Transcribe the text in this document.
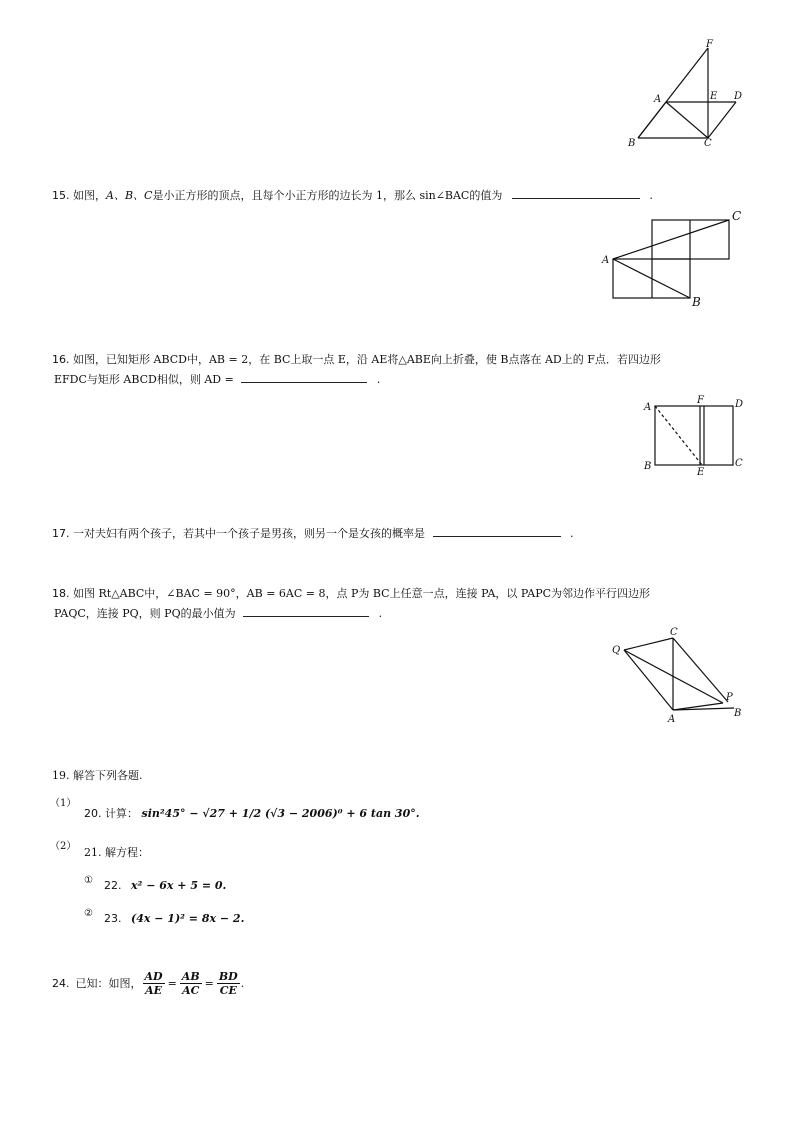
F
A	E D
B	C
15. 如图，A、B、C是小正方形的顶点，且每个小正方形的边长为 1，那么 sin∠BAC的值为	.
A
C
B
16. 如图，已知矩形 ABCD中，AB = 2，在 BC上取一点 E，沿 AE将△ABE向上折叠，使 B点落在 AD上的 F点．若四边形
EFDC与矩形 ABCD相似，则 AD =	.
A
F	D
B
E
C
17. 一对夫妇有两个孩子，若其中一个孩子是男孩，则另一个是女孩的概率是	.
18. 如图 Rt△ABC中，∠BAC = 90°，AB = 6AC = 8，点 P为 BC上任意一点，连接 PA，以 PAPC为邻边作平行四边形
PAQC，连接 PQ，则 PQ的最小值为	.
Q
C
P
A
B
19. 解答下列各题.
（1）
20. 计算： sin²45° − √27 + 1/2 (√3 − 2006)⁰ + 6 tan 30°.
（2） 21. 解方程：
① 22. x² − 6x + 5 = 0.
② 23. (4x − 1)² = 8x − 2.
24. 已知：如图， $\frac{AD}{AE} = \frac{AB}{AC} = \frac{BD}{CE}$ .
